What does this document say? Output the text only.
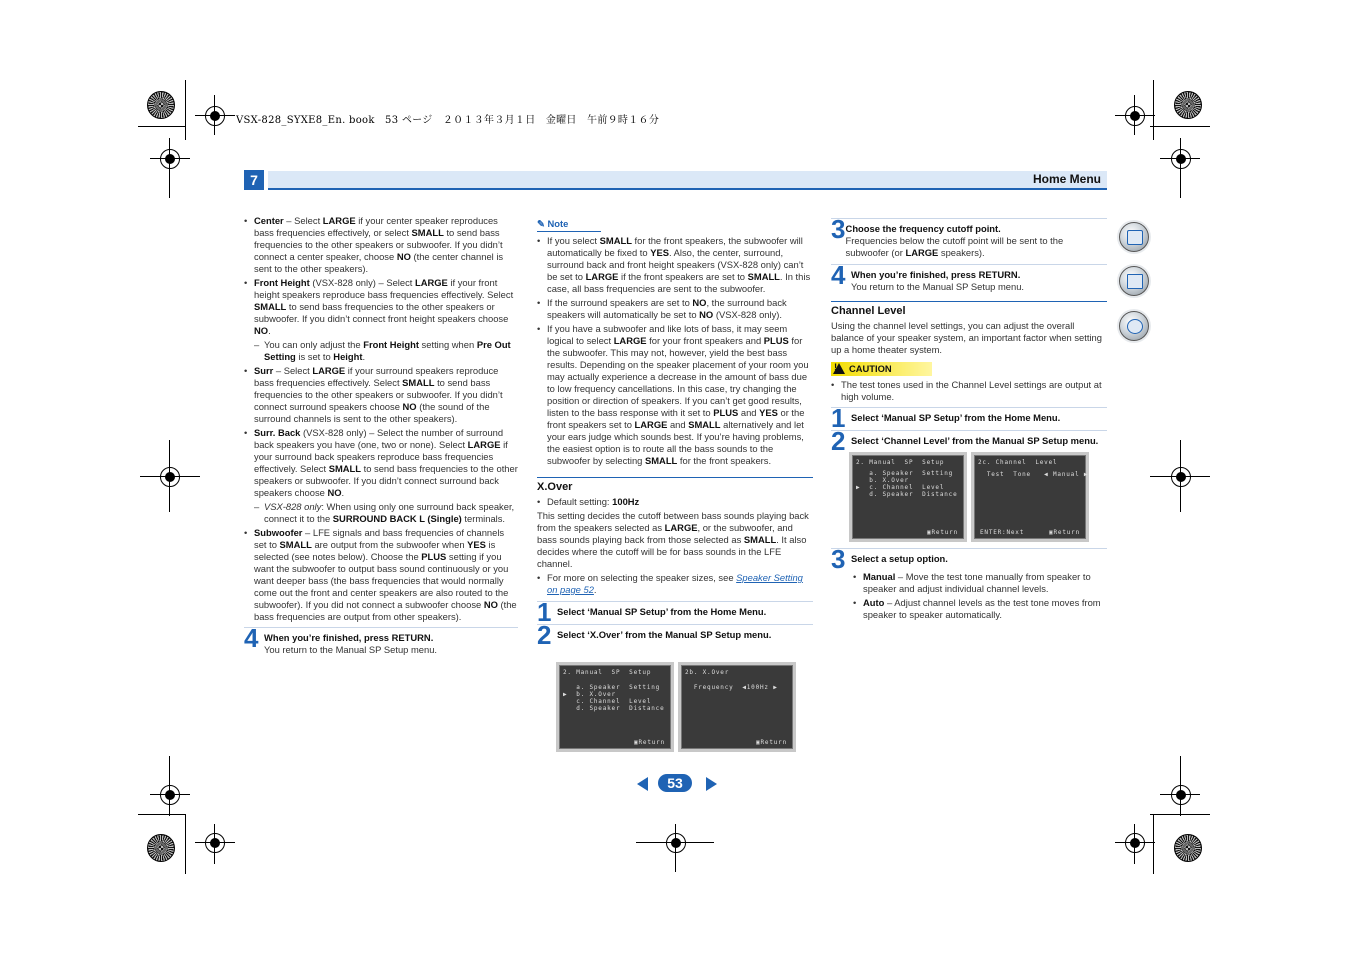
VSX-828_SYXE8_En. book　53 ページ　２０１３年３月１日　金曜日　午前９時１６分
7	Home Menu
• Center – Select LARGE if your center speaker reproduces bass frequencies effectively, or select SMALL to send bass frequencies to the other speakers or subwoofer. If you didn’t connect a center speaker, choose NO (the center channel is sent to the other speakers).
• Front Height (VSX-828 only) – Select LARGE if your front height speakers reproduce bass frequencies effectively. Select SMALL to send bass frequencies to the other speakers or subwoofer. If you didn’t connect front height speakers choose NO.
– You can only adjust the Front Height setting when Pre Out Setting is set to Height.
• Surr – Select LARGE if your surround speakers reproduce bass frequencies effectively. Select SMALL to send bass frequencies to the other speakers or subwoofer. If you didn’t connect surround speakers choose NO (the sound of the surround channels is sent to the other speakers).
• Surr. Back (VSX-828 only) – Select the number of surround back speakers you have (one, two or none). Select LARGE if your surround back speakers reproduce bass frequencies effectively. Select SMALL to send bass frequencies to the other speakers or subwoofer. If you didn’t connect surround back speakers choose NO.
– VSX-828 only: When using only one surround back speaker, connect it to the SURROUND BACK L (Single) terminals.
• Subwoofer – LFE signals and bass frequencies of channels set to SMALL are output from the subwoofer when YES is selected (see notes below). Choose the PLUS setting if you want the subwoofer to output bass sound continuously or you want deeper bass (the bass frequencies that would normally come out the front and center speakers are also routed to the subwoofer). If you did not connect a subwoofer choose NO (the bass frequencies are output from other speakers).
4 When you’re finished, press RETURN.
You return to the Manual SP Setup menu.
✎ Note
• If you select SMALL for the front speakers, the subwoofer will automatically be fixed to YES. Also, the center, surround, surround back and front height speakers (VSX-828 only) can’t be set to LARGE if the front speakers are set to SMALL. In this case, all bass frequencies are sent to the subwoofer.
• If the surround speakers are set to NO, the surround back speakers will automatically be set to NO (VSX-828 only).
• If you have a subwoofer and like lots of bass, it may seem logical to select LARGE for your front speakers and PLUS for the subwoofer. This may not, however, yield the best bass results. Depending on the speaker placement of your room you may actually experience a decrease in the amount of bass due to low frequency cancellations. In this case, try changing the position or direction of speakers. If you can’t get good results, listen to the bass response with it set to PLUS and YES or the front speakers set to LARGE and SMALL alternatively and let your ears judge which sounds best. If you’re having problems, the easiest option is to route all the bass sounds to the subwoofer by selecting SMALL for the front speakers.
X.Over
• Default setting: 100Hz

This setting decides the cutoff between bass sounds playing back from the speakers selected as LARGE, or the subwoofer, and bass sounds playing back from those selected as SMALL. It also decides where the cutoff will be for bass sounds in the LFE channel.

• For more on selecting the speaker sizes, see Speaker Setting on page 52.
1 Select ‘Manual SP Setup’ from the Home Menu.
2 Select ‘X.Over’ from the Manual SP Setup menu.
2. Manual  SP  Setup
a. Speaker  Setting
▶  b. X.Over
c. Channel  Level
d. Speaker  Distance
▣Return
2b. X.Over
Frequency  ◀100Hz ▶
▣Return
3 Choose the frequency cutoff point.
Frequencies below the cutoff point will be sent to the subwoofer (or LARGE speakers).
4 When you’re finished, press RETURN.
You return to the Manual SP Setup menu.
Channel Level

Using the channel level settings, you can adjust the overall balance of your speaker system, an important factor when setting up a home theater system.

! CAUTION
• The test tones used in the Channel Level settings are output at high volume.
1 Select ‘Manual SP Setup’ from the Home Menu.
2 Select ‘Channel Level’ from the Manual SP Setup menu.
2. Manual  SP  Setup
a. Speaker  Setting
b. X.Over
▶  c. Channel  Level
d. Speaker  Distance
▣Return
2c. Channel  Level
Test  Tone   ◀ Manual ▶
ENTER:Next	▣Return
3 Select a setup option.
• Manual – Move the test tone manually from speaker to speaker and adjust individual channel levels.
• Auto – Adjust channel levels as the test tone moves from speaker to speaker automatically.
53
